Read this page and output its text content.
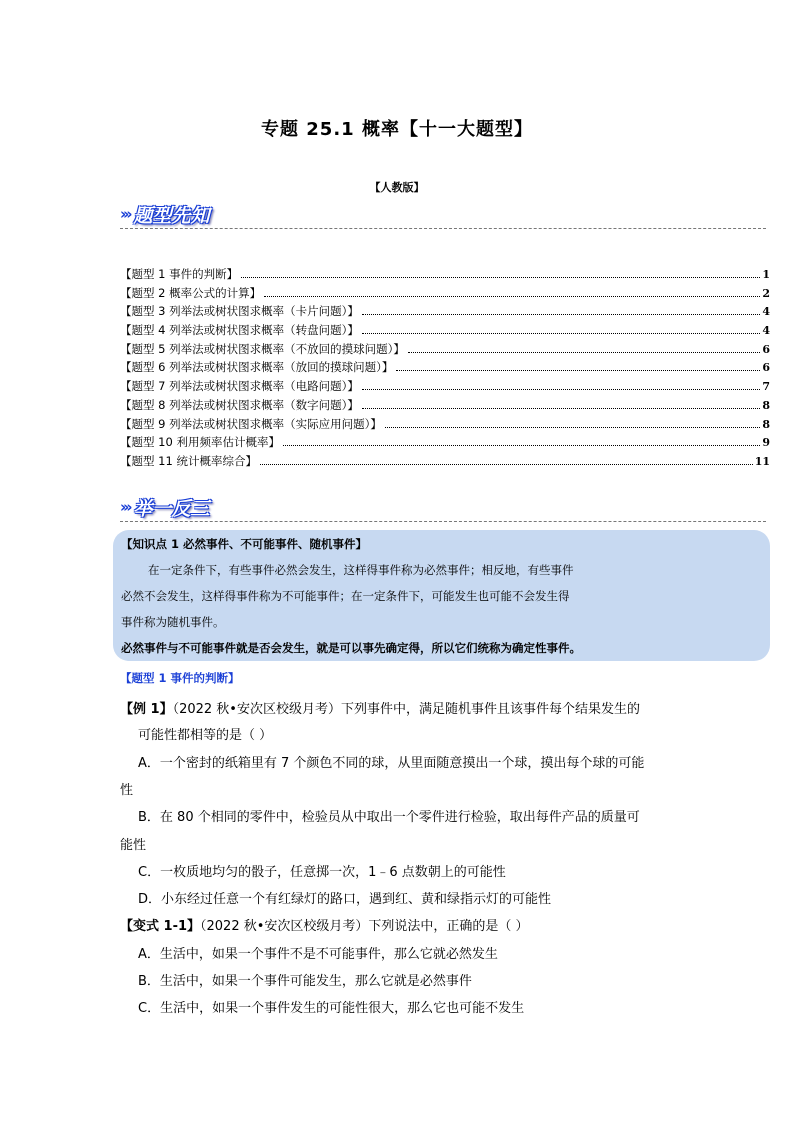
专题 25.1 概率【十一大题型】
【人教版】
››› 题型先知
【题型 1 事件的判断】	1
【题型 2 概率公式的计算】	2
【题型 3 列举法或树状图求概率（卡片问题）】	4
【题型 4 列举法或树状图求概率（转盘问题）】	4
【题型 5 列举法或树状图求概率（不放回的摸球问题）】	6
【题型 6 列举法或树状图求概率（放回的摸球问题）】	6
【题型 7 列举法或树状图求概率（电路问题）】	7
【题型 8 列举法或树状图求概率（数字问题）】	8
【题型 9 列举法或树状图求概率（实际应用问题）】	8
【题型 10 利用频率估计概率】	9
【题型 11 统计概率综合】	11
››› 举一反三
【知识点 1 必然事件、不可能事件、随机事件】
在一定条件下，有些事件必然会发生，这样得事件称为必然事件；相反地，有些事件
必然不会发生，这样得事件称为不可能事件；在一定条件下，可能发生也可能不会发生得
事件称为随机事件。
必然事件与不可能事件就是否会发生，就是可以事先确定得，所以它们统称为确定性事件。
【题型 1 事件的判断】
【例 1】（2022 秋•安次区校级月考）下列事件中，满足随机事件且该事件每个结果发生的
可能性都相等的是（ ）
A．一个密封的纸箱里有 7 个颜色不同的球，从里面随意摸出一个球，摸出每个球的可能
性
B．在 80 个相同的零件中，检验员从中取出一个零件进行检验，取出每件产品的质量可
能性
C．一枚质地均匀的骰子，任意掷一次，1﹣6 点数朝上的可能性
D．小东经过任意一个有红绿灯的路口，遇到红、黄和绿指示灯的可能性
【变式 1-1】（2022 秋•安次区校级月考）下列说法中，正确的是（ ）
A．生活中，如果一个事件不是不可能事件，那么它就必然发生
B．生活中，如果一个事件可能发生，那么它就是必然事件
C．生活中，如果一个事件发生的可能性很大，那么它也可能不发生
